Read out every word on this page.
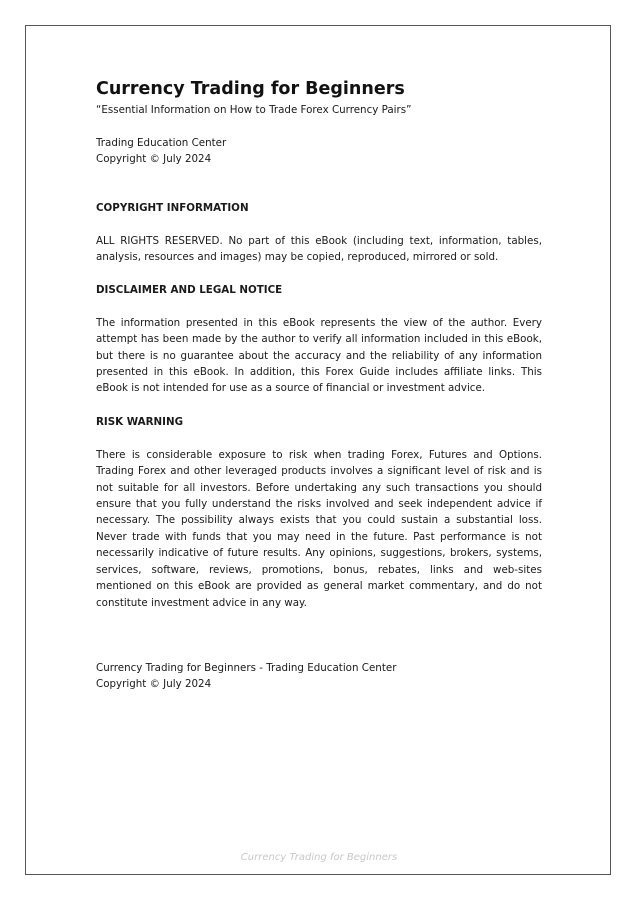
Currency Trading for Beginners

“Essential Information on How to Trade Forex Currency Pairs”

Trading Education Center
Copyright © July 2024
COPYRIGHT INFORMATION

ALL RIGHTS RESERVED. No part of this eBook (including text, information, tables, analysis, resources and images) may be copied, reproduced, mirrored or sold.

DISCLAIMER AND LEGAL NOTICE

The information presented in this eBook represents the view of the author. Every attempt has been made by the author to verify all information included in this eBook, but there is no guarantee about the accuracy and the reliability of any information presented in this eBook. In addition, this Forex Guide includes affiliate links. This eBook is not intended for use as a source of financial or investment advice.

RISK WARNING

There is considerable exposure to risk when trading Forex, Futures and Options. Trading Forex and other leveraged products involves a significant level of risk and is not suitable for all investors. Before undertaking any such transactions you should ensure that you fully understand the risks involved and seek independent advice if necessary. The possibility always exists that you could sustain a substantial loss. Never trade with funds that you may need in the future. Past performance is not necessarily indicative of future results. Any opinions, suggestions, brokers, systems, services, software, reviews, promotions, bonus, rebates, links and web-sites mentioned on this eBook are provided as general market commentary, and do not constitute investment advice in any way.

Currency Trading for Beginners - Trading Education Center
Copyright © July 2024
Currency Trading for Beginners
